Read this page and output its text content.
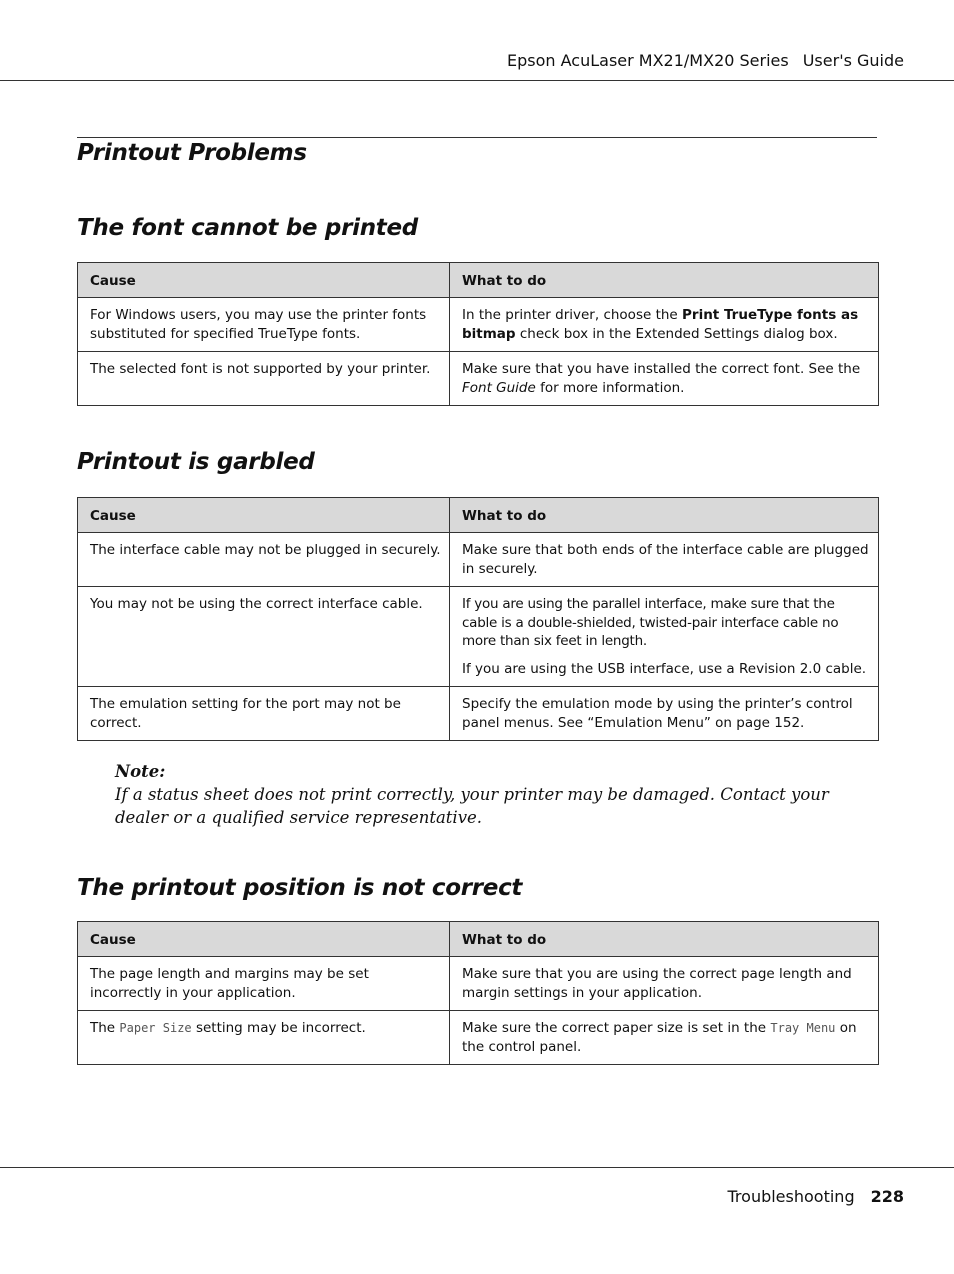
Epson AcuLaser MX21/MX20 Series User's Guide
Printout Problems
The font cannot be printed
Cause	What to do
For Windows users, you may use the printer fonts substituted for specified TrueType fonts.	In the printer driver, choose the Print TrueType fonts as bitmap check box in the Extended Settings dialog box.
The selected font is not supported by your printer.	Make sure that you have installed the correct font. See the Font Guide for more information.
Printout is garbled
Cause	What to do
The interface cable may not be plugged in securely.	Make sure that both ends of the interface cable are plugged in securely.
You may not be using the correct interface cable.	If you are using the parallel interface, make sure that the cable is a double-shielded, twisted-pair interface cable no more than six feet in length.

If you are using the USB interface, use a Revision 2.0 cable.

The emulation setting for the port may not be correct.	Specify the emulation mode by using the printer’s control panel menus. See “Emulation Menu” on page 152.
Note:
If a status sheet does not print correctly, your printer may be damaged. Contact your dealer or a qualified service representative.
The printout position is not correct
Cause	What to do
The page length and margins may be set incorrectly in your application.	Make sure that you are using the correct page length and margin settings in your application.
The Paper Size setting may be incorrect.	Make sure the correct paper size is set in the Tray Menu on the control panel.
Troubleshooting 228
